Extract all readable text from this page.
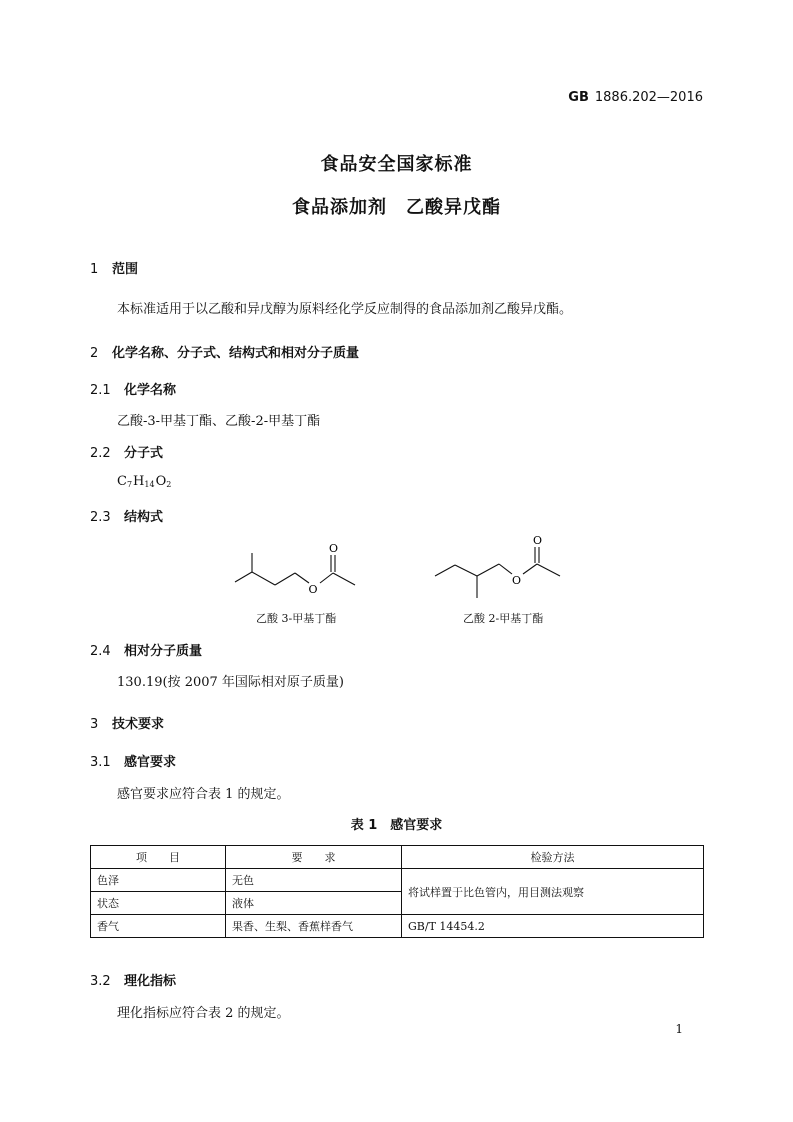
GB 1886.202—2016
食品安全国家标准
食品添加剂　乙酸异戊酯
1 范围
本标准适用于以乙酸和异戊醇为原料经化学反应制得的食品添加剂乙酸异戊酯。
2 化学名称、分子式、结构式和相对分子质量
2.1 化学名称
乙酸-3-甲基丁酯、乙酸-2-甲基丁酯
2.2 分子式
$C_7H_{14}O_2$
2.3 结构式
O
O
乙酸 3-甲基丁酯
O
O
乙酸 2-甲基丁酯
2.4 相对分子质量
130.19(按 2007 年国际相对原子质量)
3 技术要求
3.1 感官要求
感官要求应符合表 1 的规定。
表 1　感官要求
项　　目	要　　求	检验方法
色泽	无色	将试样置于比色管内，用目测法观察
状态	液体	
香气	果香、生梨、香蕉样香气	GB/T 14454.2
3.2 理化指标
理化指标应符合表 2 的规定。
1
